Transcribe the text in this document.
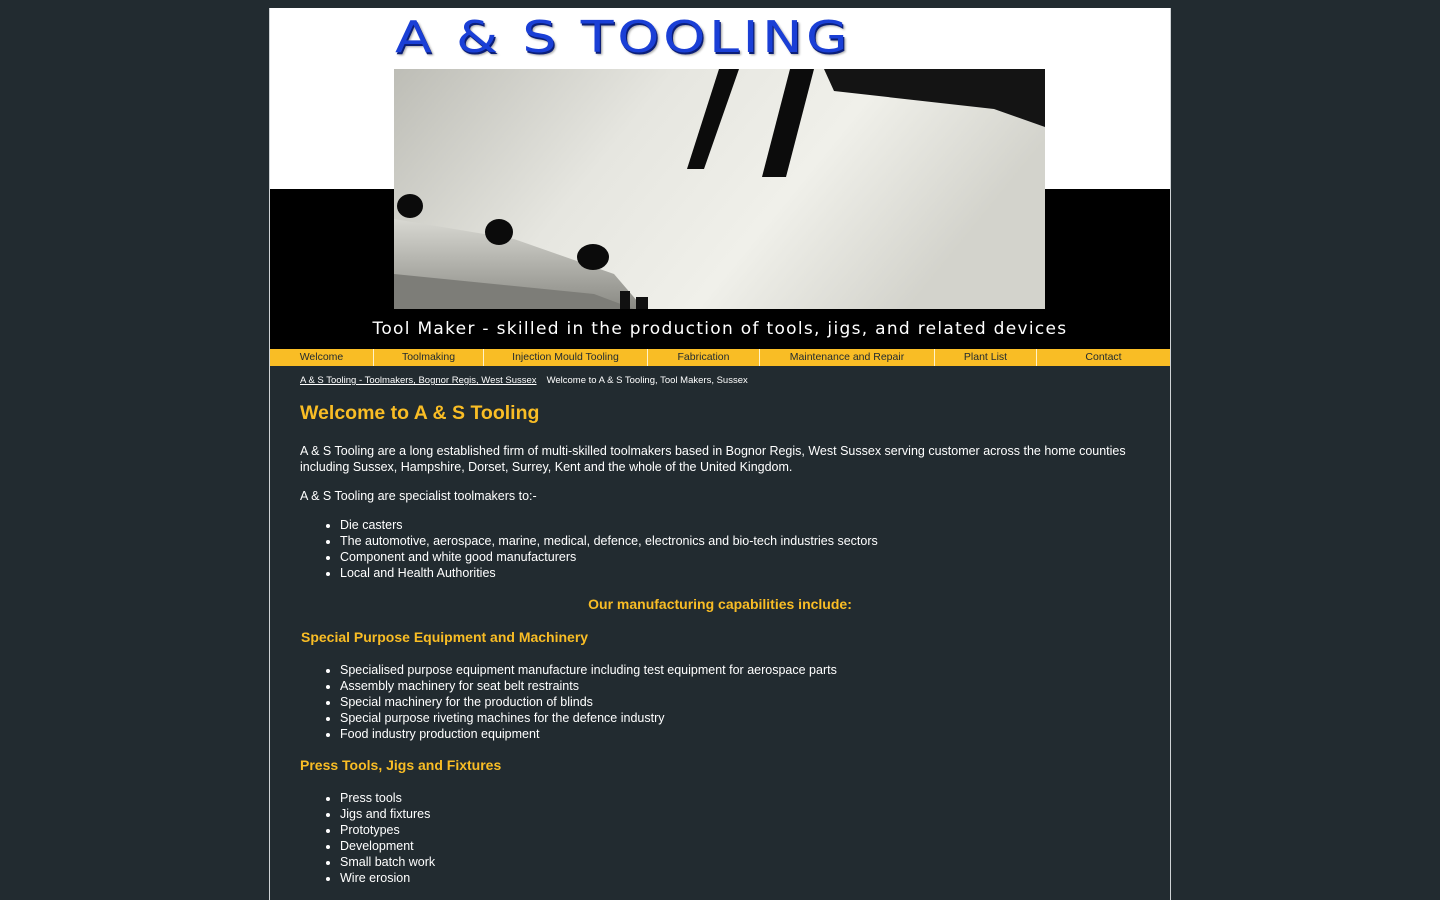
A & S TOOLING
Tool Maker - skilled in the production of tools, jigs, and related devices
Welcome	Toolmaking	Injection Mould Tooling	Fabrication	Maintenance and Repair	Plant List	Contact
A & S Tooling - Toolmakers, Bognor Regis, West Sussex Welcome to A & S Tooling, Tool Makers, Sussex
Welcome to A & S Tooling

A & S Tooling are a long established firm of multi-skilled toolmakers based in Bognor Regis, West Sussex serving customer across the home counties including Sussex, Hampshire, Dorset, Surrey, Kent and the whole of the United Kingdom.

A & S Tooling are specialist toolmakers to:-

• Die casters
• The automotive, aerospace, marine, medical, defence, electronics and bio-tech industries sectors
• Component and white good manufacturers
• Local and Health Authorities
Our manufacturing capabilities include:
Special Purpose Equipment and Machinery
• Specialised purpose equipment manufacture including test equipment for aerospace parts
• Assembly machinery for seat belt restraints
• Special machinery for the production of blinds
• Special purpose riveting machines for the defence industry
• Food industry production equipment
Press Tools, Jigs and Fixtures
• Press tools
• Jigs and fixtures
• Prototypes
• Development
• Small batch work
• Wire erosion
